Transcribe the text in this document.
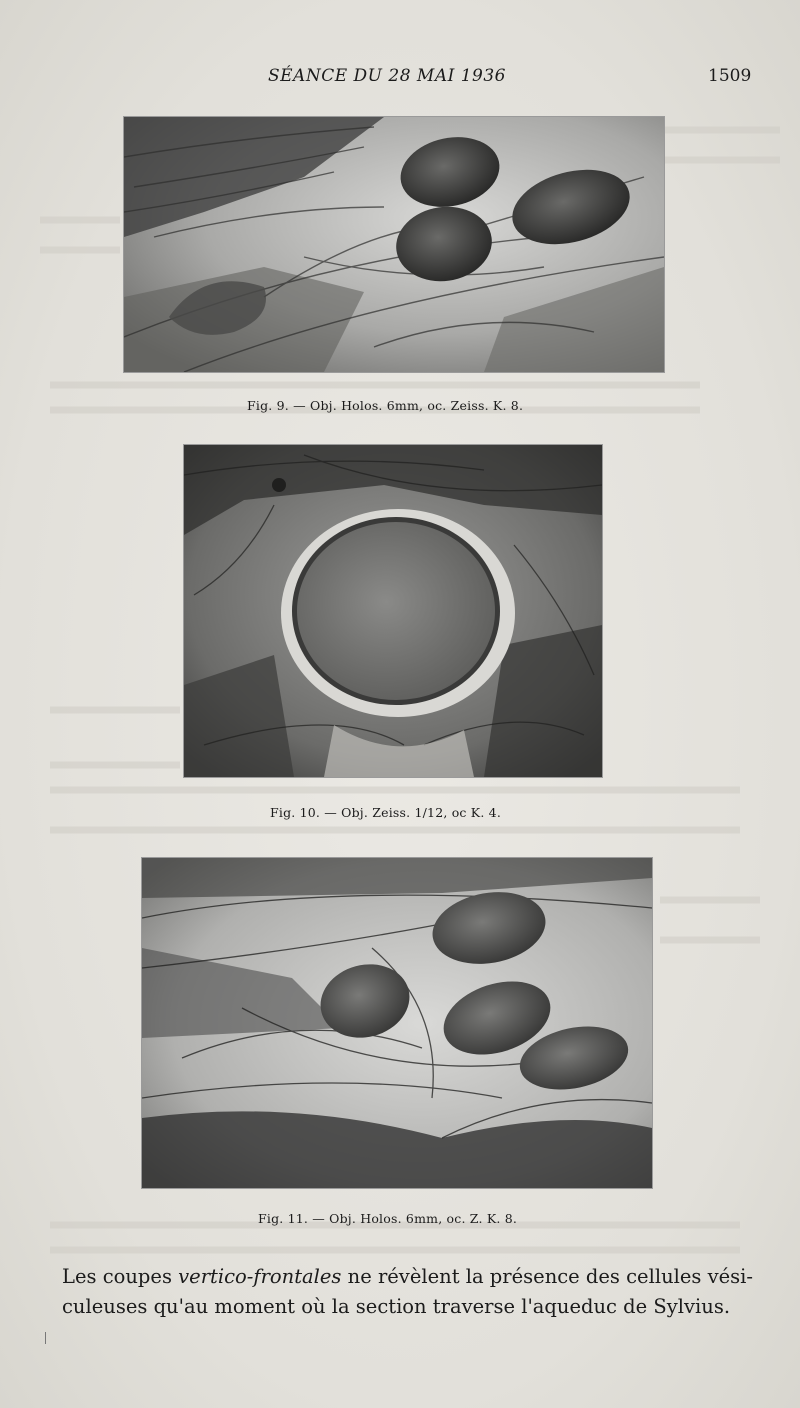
SÉANCE DU 28 MAI 1936	1509
Fig. 9. — Obj. Holos. 6mm, oc. Zeiss. K. 8.
Fig. 10. — Obj. Zeiss. 1/12, oc K. 4.
Fig. 11. — Obj. Holos. 6mm, oc. Z. K. 8.
Les coupes vertico-frontales ne révèlent la présence des cellules vési-
culeuses qu'au moment où la section traverse l'aqueduc de Sylvius.
